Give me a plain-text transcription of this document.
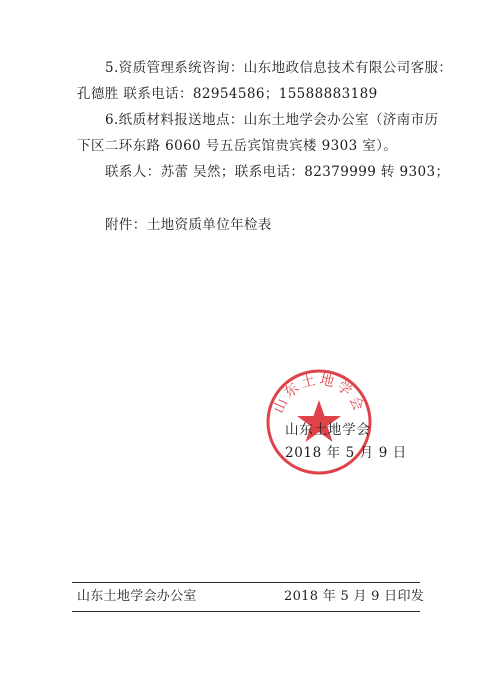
5.资质管理系统咨询：山东地政信息技术有限公司客服：
孔德胜 联系电话：82954586；15588883189
6.纸质材料报送地点：山东土地学会办公室（济南市历
下区二环东路 6060 号五岳宾馆贵宾楼 9303 室）。
联系人：苏蕾 吴然；联系电话：82379999 转 9303；
附件：土地资质单位年检表
山东土地学会
山东土地学会
2018 年 5 月 9 日
山东土地学会办公室	2018 年 5 月 9 日印发
